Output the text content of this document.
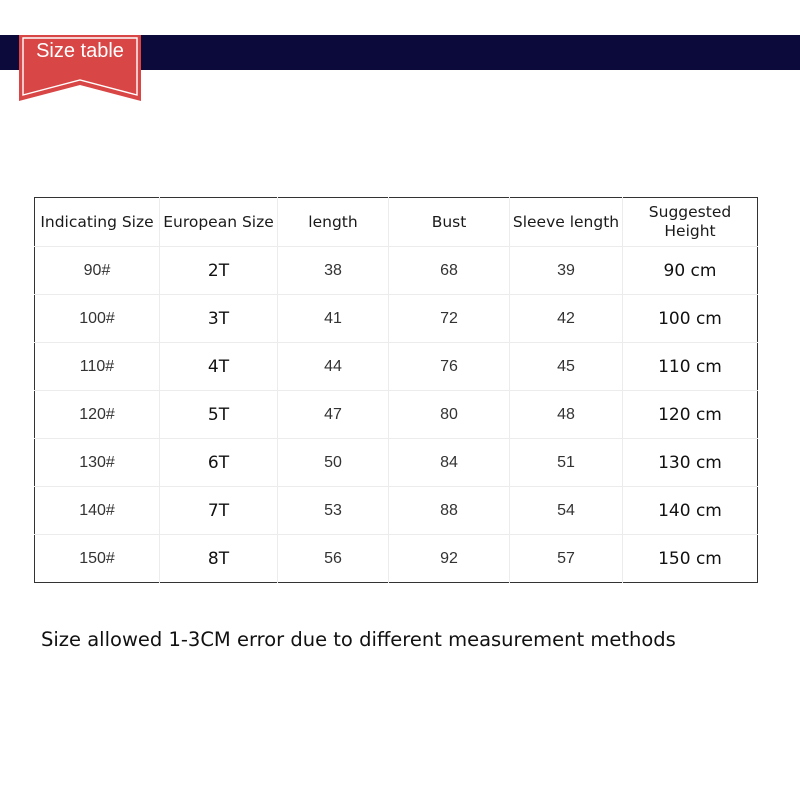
Size table
Indicating Size	European Size	length	Bust	Sleeve length	Suggested Height
90#	2T	38	68	39	90 cm
100#	3T	41	72	42	100 cm
110#	4T	44	76	45	110 cm
120#	5T	47	80	48	120 cm
130#	6T	50	84	51	130 cm
140#	7T	53	88	54	140 cm
150#	8T	56	92	57	150 cm
Size allowed 1-3CM error due to different measurement methods
